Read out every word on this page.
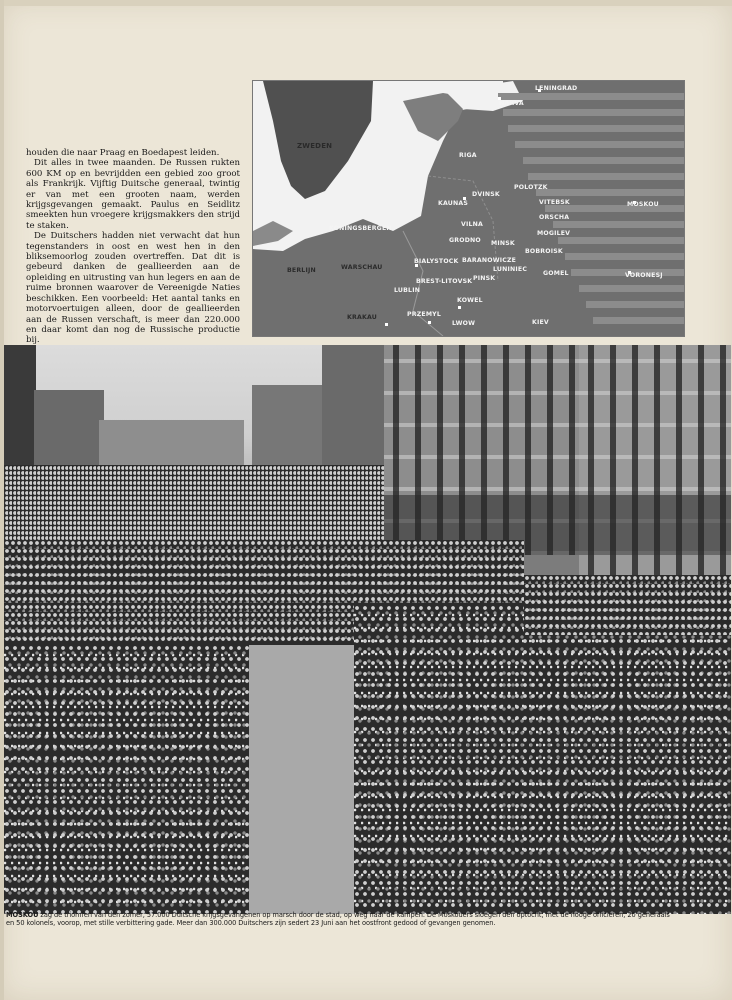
houden die naar Praag en Boedapest leiden.

Dit alles in twee maanden. De Russen rukten 600 KM op en bevrijdden een gebied zoo groot als Frankrijk. Vijftig Duitsche generaal, twintig er van met een grooten naam, werden krijgsgevangen gemaakt. Paulus en Seidlitz smeekten hun vroegere krijgsmakkers den strijd te staken.

De Duitschers hadden niet verwacht dat hun tegenstanders in oost en west hen in den bliksemoorlog zouden overtreffen. Dat dit is gebeurd danken de geallieerden aan de opleiding en uitrusting van hun legers en aan de ruime bronnen waarover de Vereenigde Naties beschikken. Een voorbeeld: Het aantal tanks en motorvoertuigen alleen, door de geallieerden aan de Russen verschaft, is meer dan 220.000 en daar komt dan nog de Russische productie bij.

ZWEDEN
LENINGRAD
NARVA
RIGA
DVINSK
POLOTZK
KAUNAS	VITEBSK
ORSCHA
MOSKOU
VILNA
MOGILEV
KONINGSBERGEN
GRODNO MINSK
BOBROISK
BARANOWICZE
BIALYSTOCK
LUNINIEC
BERLIJN	WARSCHAU
PINSK
GOMEL
BREST-LITOVSK
VORONESJ
LUBLIN
KOWEL
PRZEMYL
KRAKAU
LWOW	KIEV
MOSKOU zag de triomfen van den zomer, 57.000 Duitsche krijgsgevangenen op marsch door de stad, op weg naar de kampen. De Moskouers sloegen den optocht, met de hooge officieren, 20 generaals en 50 kolonels, voorop, met stille verbittering gade. Meer dan 300.000 Duitschers zijn sedert 23 Juni aan het oostfront gedood of gevangen genomen.
